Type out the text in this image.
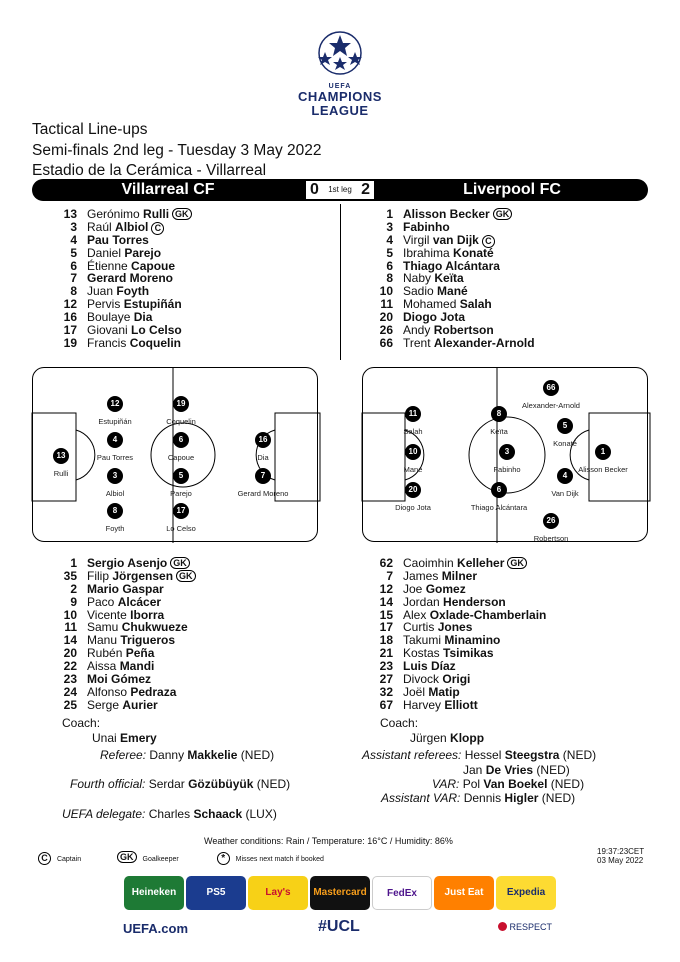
UEFA
CHAMPIONS
LEAGUE
Tactical Line-ups
Semi-finals 2nd leg - Tuesday 3 May 2022
Estadio de la Cerámica - Villarreal
Villarreal CF	0 1st leg 2	Liverpool FC
13 Gerónimo Rulli GK
3 Raúl Albiol C
4 Pau Torres
5 Daniel Parejo
6 Étienne Capoue
7 Gerard Moreno
8 Juan Foyth
12 Pervis Estupiñán
16 Boulaye Dia
17 Giovani Lo Celso
19 Francis Coquelin
1 Alisson Becker GK
3 Fabinho
4 Virgil van Dijk C
5 Ibrahima Konaté
6 Thiago Alcántara
8 Naby Keïta
10 Sadio Mané
11 Mohamed Salah
20 Diogo Jota
26 Andy Robertson
66 Trent Alexander-Arnold
13
Rulli
12
Estupiñán
4
Pau Torres
3
Albiol
8
Foyth
19
Coquelin
6
Capoue
5
Parejo
17
Lo Celso
16
Dia
7
Gerard Moreno
66
Alexander-Arnold
11
Salah
8
Keïta
5
Konaté
1
Alisson Becker
10
Mané
3
Fabinho
4
Van Dijk
20
Diogo Jota
6
Thiago Alcántara
26
Robertson
1 Sergio Asenjo GK
35 Filip Jörgensen GK
2 Mario Gaspar
9 Paco Alcácer
10 Vicente Iborra
11 Samu Chukwueze
14 Manu Trigueros
20 Rubén Peña
22 Aissa Mandi
23 Moi Gómez
24 Alfonso Pedraza
25 Serge Aurier
62 Caoimhin Kelleher GK
7 James Milner
12 Joe Gomez
14 Jordan Henderson
15 Alex Oxlade-Chamberlain
17 Curtis Jones
18 Takumi Minamino
21 Kostas Tsimikas
23 Luis Díaz
27 Divock Origi
32 Joël Matip
67 Harvey Elliott
Coach:
Unai Emery
Coach:
Jürgen Klopp
Referee: Danny Makkelie (NED)
Fourth official: Serdar Gözübüyük (NED)
UEFA delegate: Charles Schaack (LUX)
Assistant referees: Hessel Steegstra (NED)
Jan De Vries (NED)
VAR: Pol Van Boekel (NED)
Assistant VAR: Dennis Higler (NED)
Weather conditions: Rain / Temperature: 16°C / Humidity: 86%
19:37:23CET
03 May 2022
C Captain	GK Goalkeeper	* Misses next match if booked
Heineken	PS5	Lay's	Mastercard	FedEx	Just Eat Takeaway
Expedia
UEFA.com	#UCL	RESPECT
